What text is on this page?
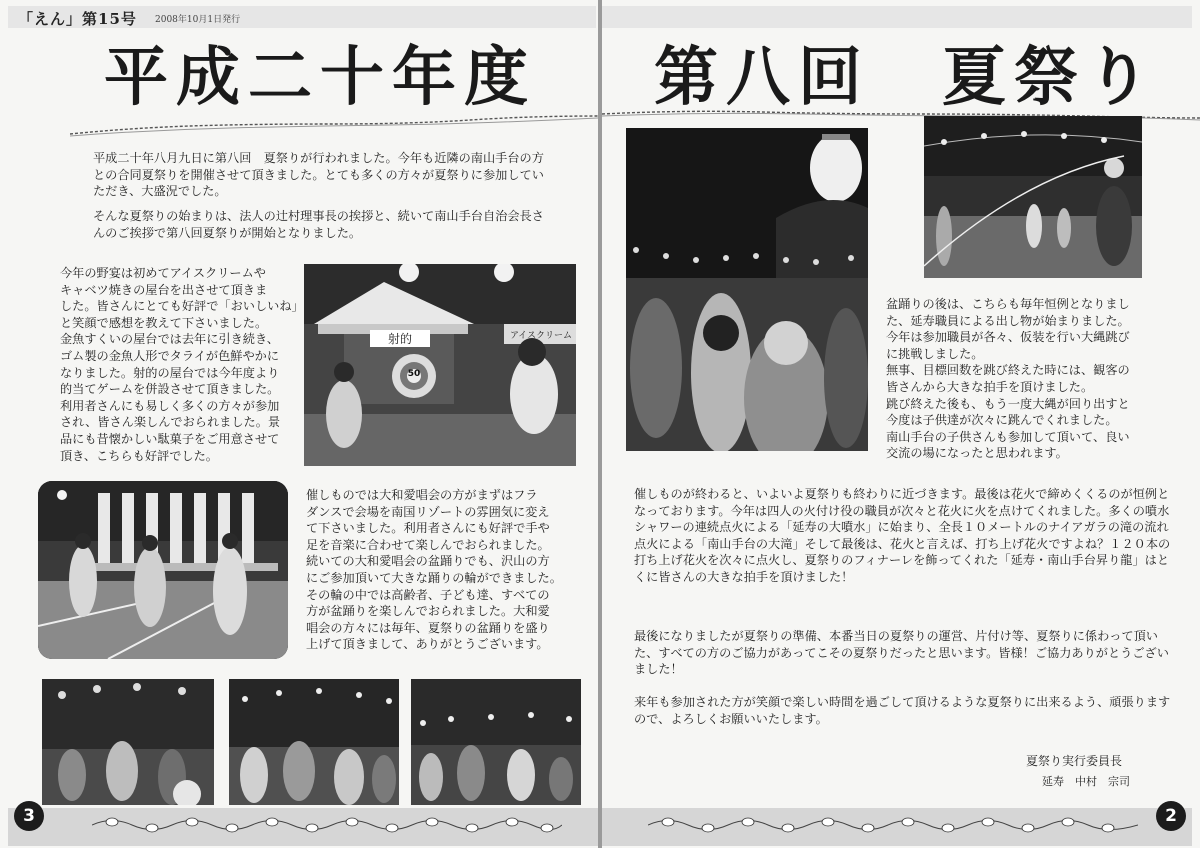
「えん」第15号 2008年10月1日発行
平成二十年度
平成二十年八月九日に第八回　夏祭りが行われました。今年も近隣の南山手台の方との合同夏祭りを開催させて頂きました。とても多くの方々が夏祭りに参加していただき、大盛況でした。
そんな夏祭りの始まりは、法人の辻村理事長の挨拶と、続いて南山手台自治会長さんのご挨拶で第八回夏祭りが開始となりました。

今年の野宴は初めてアイスクリームや

キャベツ焼きの屋台を出させて頂きま

した。皆さんにとても好評で「おいしいね」

と笑顔で感想を教えて下さいました。

金魚すくいの屋台では去年に引き続き、

ゴム製の金魚人形でタライが色鮮やかに

なりました。射的の屋台では今年度より

的当てゲームを併設させて頂きました。

利用者さんにも易しく多くの方々が参加

され、皆さん楽しんでおられました。景

品にも昔懐かしい駄菓子をご用意させて

頂き、こちらも好評でした。

射的	アイスクリーム
50

催しものでは大和愛唱会の方がまずはフラ

ダンスで会場を南国リゾートの雰囲気に変え

て下さいました。利用者さんにも好評で手や

足を音楽に合わせて楽しんでおられました。

続いての大和愛唱会の盆踊りでも、沢山の方

にご参加頂いて大きな踊りの輪ができました。

その輪の中では高齢者、子ども達、すべての

方が盆踊りを楽しんでおられました。大和愛

唱会の方々には毎年、夏祭りの盆踊りを盛り

上げて頂きまして、ありがとうございます。

3
第八回　夏祭り

盆踊りの後は、こちらも毎年恒例となりまし

た、延寿職員による出し物が始まりました。

今年は参加職員が各々、仮装を行い大縄跳び

に挑戦しました。

無事、目標回数を跳び終えた時には、観客の

皆さんから大きな拍手を頂けました。

跳び終えた後も、もう一度大縄が回り出すと

今度は子供達が次々に跳んでくれました。

南山手台の子供さんも参加して頂いて、良い

交流の場になったと思われます。

催しものが終わると、いよいよ夏祭りも終わりに近づきます。最後は花火で締めくくるのが恒例となっております。今年は四人の火付け役の職員が次々と花火に火を点けてくれました。多くの噴水シャワーの連続点火による「延寿の大噴水」に始まり、全長１０メートルのナイアガラの滝の流れ点火による「南山手台の大滝」そして最後は、花火と言えば、打ち上げ花火ですよね？１２０本の打ち上げ花火を次々に点火し、夏祭りのフィナーレを飾ってくれた「延寿・南山手台昇り龍」はとくに皆さんの大きな拍手を頂けました！
最後になりましたが夏祭りの準備、本番当日の夏祭りの運営、片付け等、夏祭りに係わって頂いた、すべての方のご協力があってこその夏祭りだったと思います。皆様！ご協力ありがとうございました！
来年も参加された方が笑顔で楽しい時間を過ごして頂けるような夏祭りに出来るよう、頑張りますので、よろしくお願いいたします。
夏祭り実行委員長
延寿　中村　宗司
2
